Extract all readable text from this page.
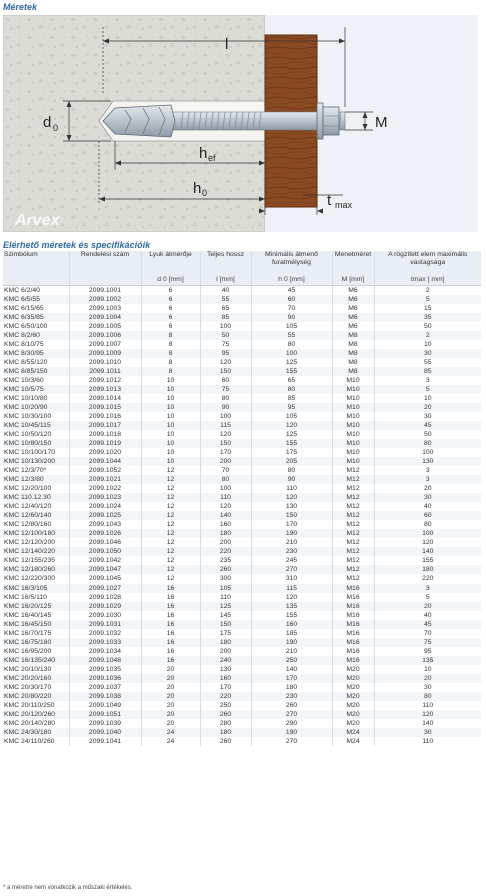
Méretek
l
M
d 0
h ef
h 0	t max
Arvex
Elérhető méretek és specifikációik
Szimbólum	Rendelési szám	Lyuk átmérője	Teljes hossz	Minimális átmenő furatmélység	Menetméret	A rögzített elem maximális vastagsága
		d 0 [mm]	l [mm]	h 0 [mm]	M [mm]	tmax [ mm]
KMC 6/2/40	2099.1001	6	40	45	M6	2
KMC 6/5/55	2099.1002	6	55	60	M6	5
KMC 6/15/65	2099.1003	6	65	70	M6	15
KMC 6/35/85	2099.1004	6	85	90	M6	35
KMC 6/50/100	2099.1005	6	100	105	M6	50
KMC 8/2/60	2099.1006	8	50	55	M8	2
KMC 8/10/75	2099.1007	8	75	80	M8	10
KMC 8/30/95	2099.1009	8	95	100	M8	30
KMC 8/55/120	2099.1010	8	120	125	M8	55
KMC 8/85/150	2099.1011	8	150	155	M8	85
KMC 10/3/60	2099.1012	10	60	65	M10	3
KMC 10/5/75	2099.1013	10	75	80	M10	5
KMC 10/10/80	2099.1014	10	80	85	M10	10
KMC 10/20/90	2099.1015	10	90	95	M10	20
KMC 10/30/100	2099.1016	10	100	105	M10	30
KMC 10/45/115	2099.1017	10	115	120	M10	45
KMC 10/50/120	2099.1018	10	120	125	M10	50
KMC 10/80/150	2099.1019	10	150	155	M10	80
KMC 10/100/170	2099.1020	10	170	175	M10	100
KMC 10/130/200	2099.1044	10	200	205	M10	130
KMC 12/3/70*	2099.1052	12	70	80	M12	3
KMC 12/3/80	2099.1021	12	80	90	M12	3
KMC 12/20/100	2099.1022	12	100	110	M12	20
KMC 110.12.30	2099.1023	12	110	120	M12	30
KMC 12/40/120	2099.1024	12	120	130	M12	40
KMC 12/60/140	2099.1025	12	140	150	M12	60
KMC 12/80/160	2099.1043	12	160	170	M12	80
KMC 12/100/180	2099.1026	12	180	190	M12	100
KMC 12/120/200	2099.1046	12	200	210	M12	120
KMC 12/140/220	2099.1050	12	220	230	M12	140
KMC 12/155/235	2099.1042	12	235	245	M12	155
KMC 12/180/260	2099.1047	12	260	270	M12	180
KMC 12/220/300	2099.1045	12	300	310	M12	220
KMC 16/3/105	2099.1027	16	105	115	M16	3
KMC 16/5/110	2099.1028	16	110	120	M16	5
KMC 16/20/125	2099.1029	16	125	135	M16	20
KMC 16/40/145	2099.1030	16	145	155	M16	40
KMC 16/45/150	2099.1031	16	150	160	M16	45
KMC 16/70/175	2099.1032	16	175	185	M16	70
KMC 16/75/180	2099.1033	16	180	190	M16	75
KMC 16/95/200	2099.1034	16	200	210	M16	95
KMC 16/135/240	2099.1048	16	240	250	M16	135
KMC 20/10/130	2099.1035	20	130	140	M20	10
KMC 20/20/160	2099.1036	20	160	170	M20	20
KMC 20/30/170	2099.1037	20	170	180	M20	30
KMC 20/80/220	2099.1038	20	220	230	M20	80
KMC 20/110/250	2099.1049	20	250	260	M20	110
KMC 20/120/260	2099.1051	20	260	270	M20	120
KMC 20/140/280	2099.1039	20	280	290	M20	140
KMC 24/30/180	2099.1040	24	180	190	M24	30
KMC 24/110/260	2099.1041	24	260	270	M24	110

* a méretre nem vonatkozik a műszaki értékelés.
